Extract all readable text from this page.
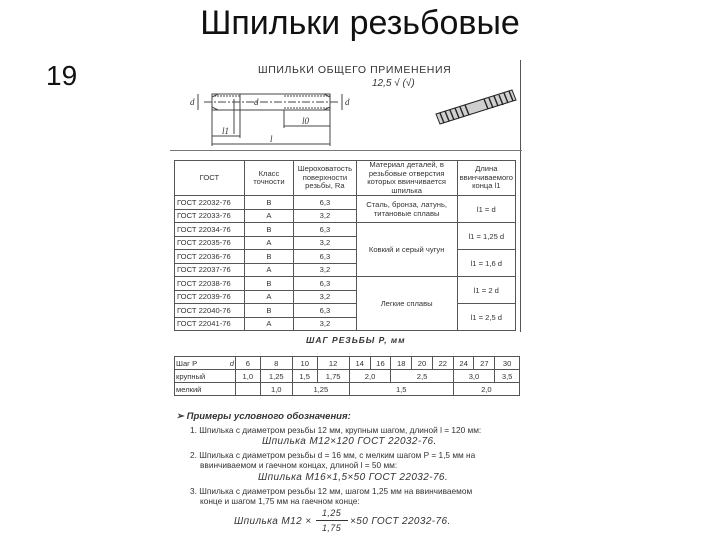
Шпильки резьбовые
19	ШПИЛЬКИ ОБЩЕГО ПРИМЕНЕНИЯ
d	d	d
l1
l0
l
12,5 √ (√)
ГОСТ	Класс точности	Шероховатость поверхности резьбы, Ra	Материал деталей, в резьбовые отверстия которых ввинчивается шпилька	Длина ввинчиваемого конца l1
ГОСТ 22032-76	B	6,3	Сталь, бронза, латунь, титановые сплавы	l1 = d
ГОСТ 22033-76	A	3,2		
ГОСТ 22034-76	B	6,3	Ковкий и серый чугун	l1 = 1,25 d
ГОСТ 22035-76	A	3,2		
ГОСТ 22036-76	B	6,3		l1 = 1,6 d
ГОСТ 22037-76	A	3,2		
ГОСТ 22038-76	B	6,3	Легкие сплавы	l1 = 2 d
ГОСТ 22039-76	A	3,2		
ГОСТ 22040-76	B	6,3		l1 = 2,5 d
ГОСТ 22041-76	A	3,2		
ШАГ РЕЗЬБЫ P, мм
Шаг P d	6	8	10	12	14	16	18	20	22	24	27	30
крупный	1,0	1,25	1,5	1,75	2,0		2,5			3,0		3,5
мелкий		1,0	1,25		1,5					2,0		
➢ Примеры условного обозначения:
1. Шпилька с диаметром резьбы 12 мм, крупным шагом, длиной l = 120 мм:
Шпилька М12×120 ГОСТ 22032-76.
2. Шпилька с диаметром резьбы d = 16 мм, с мелким шагом P = 1,5 мм на
ввинчиваемом и гаечном концах, длиной l = 50 мм:
Шпилька М16×1,5×50 ГОСТ 22032-76.
3. Шпилька с диаметром резьбы 12 мм, шагом 1,25 мм на ввинчиваемом
конце и шагом 1,75 мм на гаечном конце:
Шпилька М12 ×
1,25
1,75
×50 ГОСТ 22032-76.
